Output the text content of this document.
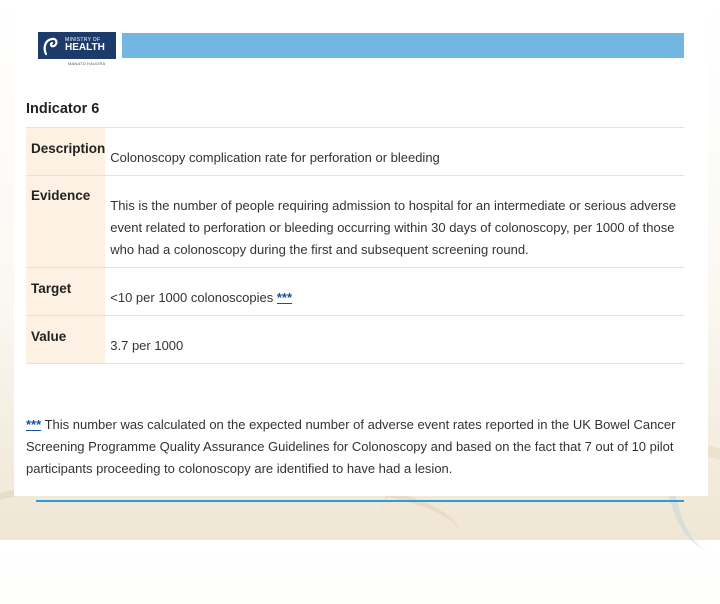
MINISTRY OF
HEALTH
MANATŪ HAUORA
Indicator 6
Description	Colonoscopy complication rate for perforation or bleeding
Evidence	This is the number of people requiring admission to hospital for an intermediate or serious adverse event related to perforation or bleeding occurring within 30 days of colonoscopy, per 1000 of those who had a colonoscopy during the first and subsequent screening round.
Target	<10 per 1000 colonoscopies ***
Value	3.7 per 1000
*** This number was calculated on the expected number of adverse event rates reported in the UK Bowel Cancer Screening Programme Quality Assurance Guidelines for Colonoscopy and based on the fact that 7 out of 10 pilot participants proceeding to colonoscopy are identified to have had a lesion.
